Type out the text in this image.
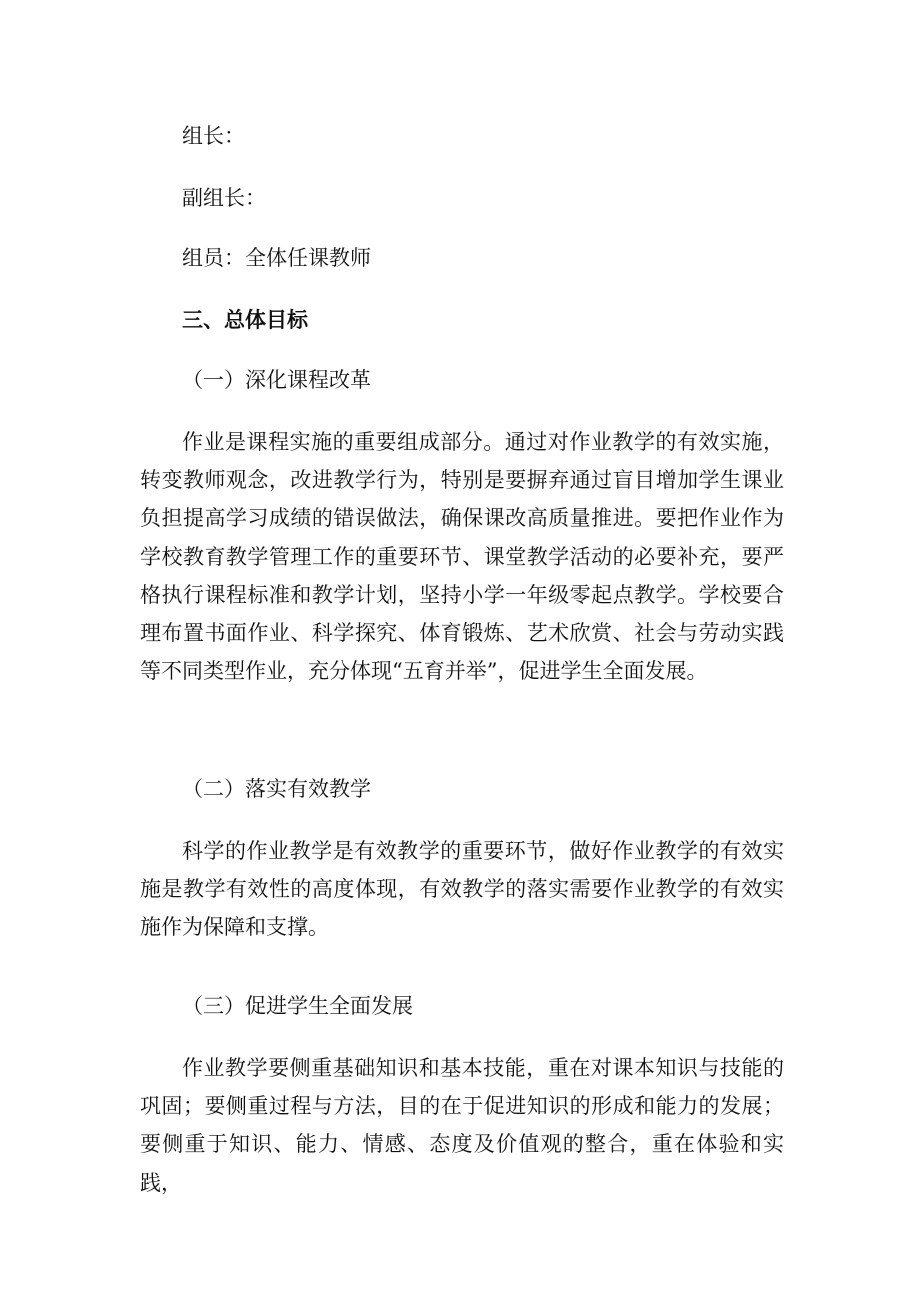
组长：
副组长：
组员：全体任课教师
三、总体目标
（一）深化课程改革
作业是课程实施的重要组成部分。通过对作业教学的有效实施，转变教师观念，改进教学行为，特别是要摒弃通过盲目增加学生课业负担提高学习成绩的错误做法，确保课改高质量推进。要把作业作为学校教育教学管理工作的重要环节、课堂教学活动的必要补充，要严格执行课程标准和教学计划，坚持小学一年级零起点教学。学校要合理布置书面作业、科学探究、体育锻炼、艺术欣赏、社会与劳动实践等不同类型作业，充分体现“五育并举”，促进学生全面发展。
（二）落实有效教学
科学的作业教学是有效教学的重要环节，做好作业教学的有效实施是教学有效性的高度体现，有效教学的落实需要作业教学的有效实施作为保障和支撑。
（三）促进学生全面发展
作业教学要侧重基础知识和基本技能，重在对课本知识与技能的巩固；要侧重过程与方法，目的在于促进知识的形成和能力的发展；要侧重于知识、能力、情感、态度及价值观的整合，重在体验和实践，
